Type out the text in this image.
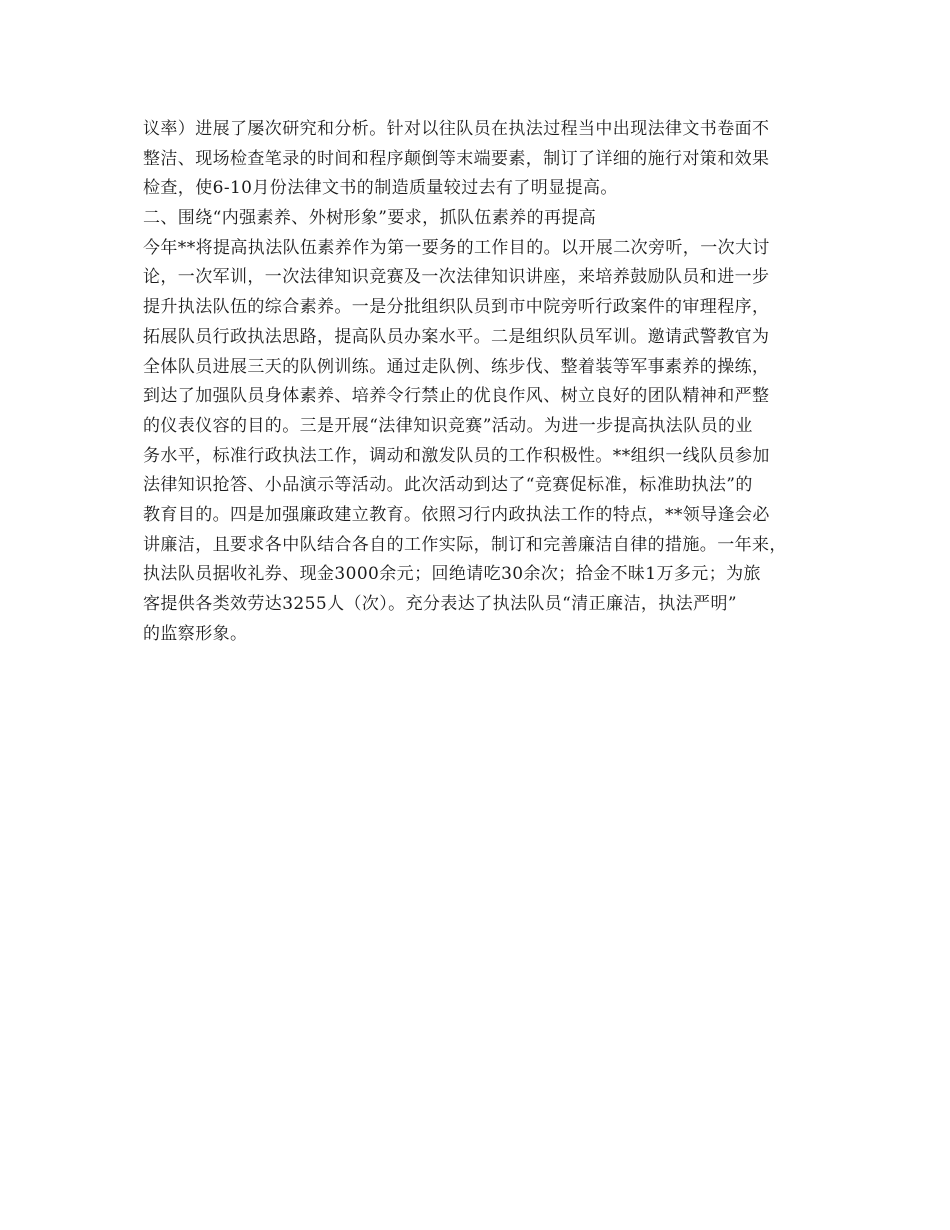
议率）进展了屡次研究和分析。针对以往队员在执法过程当中出现法律文书卷面不
整洁、现场检查笔录的时间和程序颠倒等末端要素，制订了详细的施行对策和效果
检查，使6-10月份法律文书的制造质量较过去有了明显提高。
二、围绕“内强素养、外树形象”要求，抓队伍素养的再提高
今年**将提高执法队伍素养作为第一要务的工作目的。以开展二次旁听，一次大讨
论，一次军训，一次法律知识竞赛及一次法律知识讲座，来培养鼓励队员和进一步
提升执法队伍的综合素养。一是分批组织队员到市中院旁听行政案件的审理程序，
拓展队员行政执法思路，提高队员办案水平。二是组织队员军训。邀请武警教官为
全体队员进展三天的队例训练。通过走队例、练步伐、整着装等军事素养的操练，
到达了加强队员身体素养、培养令行禁止的优良作风、树立良好的团队精神和严整
的仪表仪容的目的。三是开展“法律知识竞赛”活动。为进一步提高执法队员的业
务水平，标准行政执法工作，调动和激发队员的工作积极性。**组织一线队员参加
法律知识抢答、小品演示等活动。此次活动到达了“竞赛促标准，标准助执法”的
教育目的。四是加强廉政建立教育。依照习行内政执法工作的特点，**领导逢会必
讲廉洁，且要求各中队结合各自的工作实际，制订和完善廉洁自律的措施。一年来，
执法队员据收礼券、现金3000余元；回绝请吃30余次；拾金不昧1万多元；为旅
客提供各类效劳达3255人（次）。充分表达了执法队员“清正廉洁，执法严明”
的监察形象。
